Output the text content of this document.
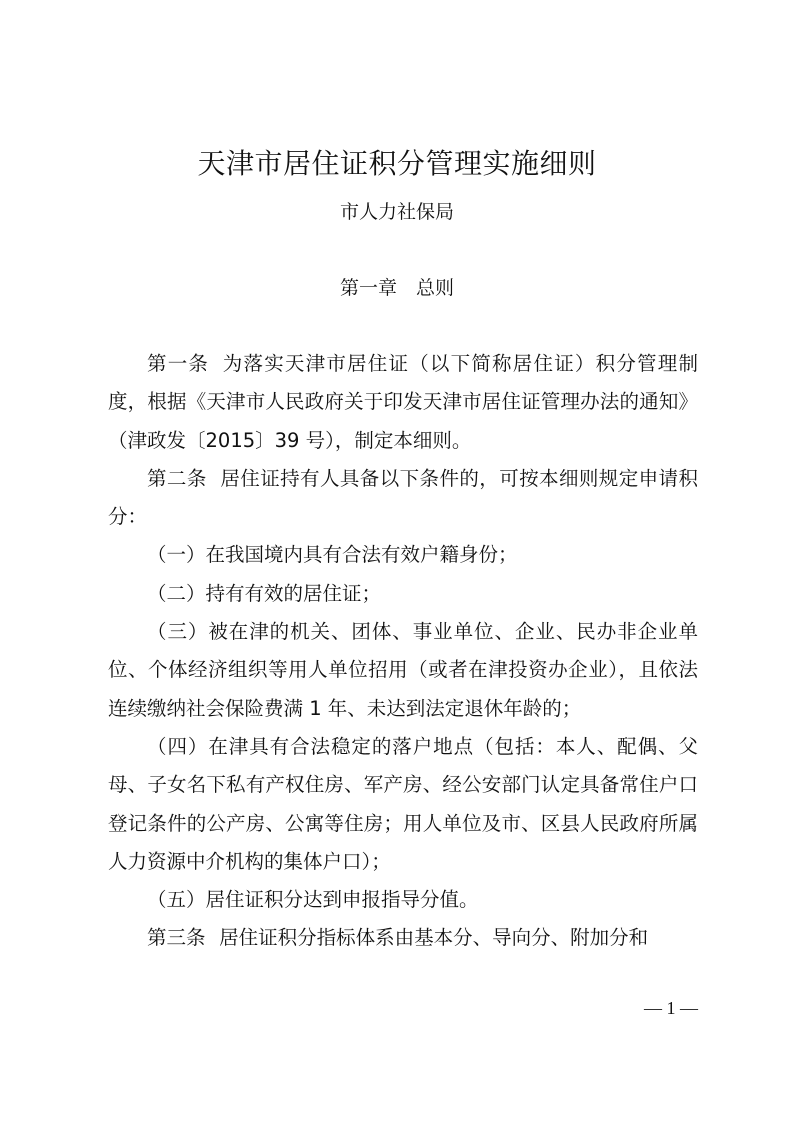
天津市居住证积分管理实施细则
市人力社保局
第一章　总则

第一条 为落实天津市居住证（以下简称居住证）积分管理制度，根据《天津市人民政府关于印发天津市居住证管理办法的通知》（津政发〔2015〕39 号），制定本细则。

第二条 居住证持有人具备以下条件的，可按本细则规定申请积分：

（一）在我国境内具有合法有效户籍身份；

（二）持有有效的居住证；

（三）被在津的机关、团体、事业单位、企业、民办非企业单位、个体经济组织等用人单位招用（或者在津投资办企业），且依法连续缴纳社会保险费满 1 年、未达到法定退休年龄的；

（四）在津具有合法稳定的落户地点（包括：本人、配偶、父母、子女名下私有产权住房、军产房、经公安部门认定具备常住户口登记条件的公产房、公寓等住房；用人单位及市、区县人民政府所属人力资源中介机构的集体户口）；

（五）居住证积分达到申报指导分值。

第三条 居住证积分指标体系由基本分、导向分、附加分和

— 1 —
